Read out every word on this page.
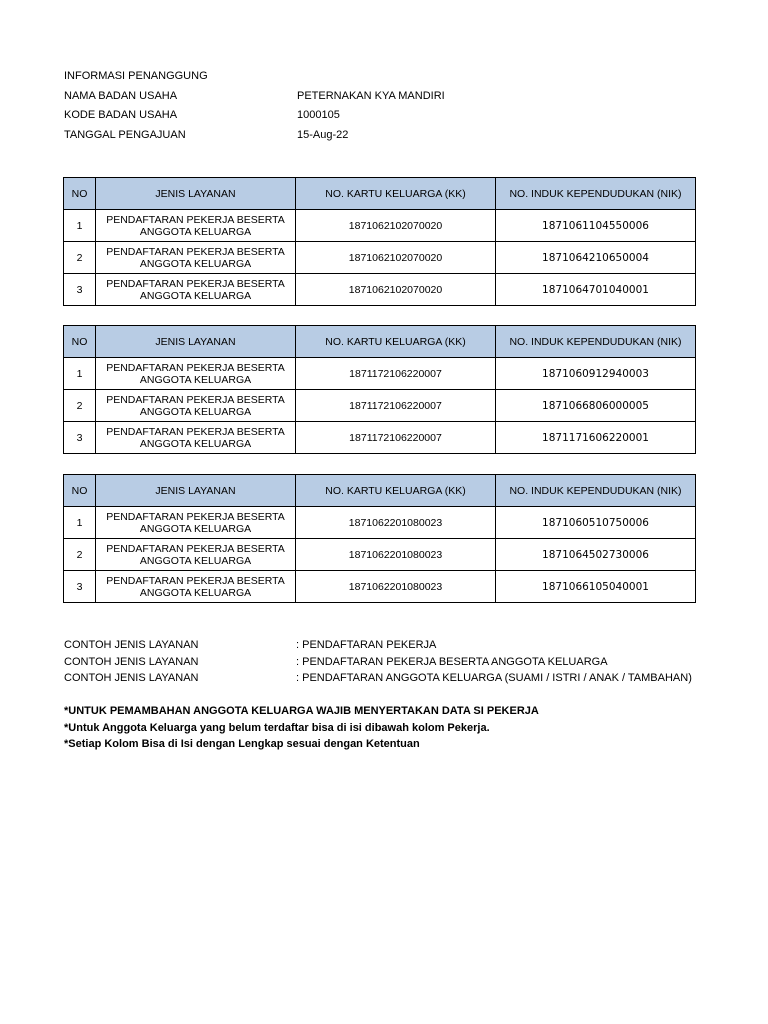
INFORMASI PENANGGUNG
NAMA BADAN USAHA	PETERNAKAN KYA MANDIRI
KODE BADAN USAHA	1000105
TANGGAL PENGAJUAN	15-Aug-22
NO	JENIS LAYANAN	NO. KARTU KELUARGA (KK)	NO. INDUK KEPENDUDUKAN (NIK)
1	PENDAFTARAN PEKERJA BESERTA
ANGGOTA KELUARGA	1871062102070020	1871061104550006
2	PENDAFTARAN PEKERJA BESERTA
ANGGOTA KELUARGA	1871062102070020	1871064210650004
3	PENDAFTARAN PEKERJA BESERTA
ANGGOTA KELUARGA	1871062102070020	1871064701040001
NO	JENIS LAYANAN	NO. KARTU KELUARGA (KK)	NO. INDUK KEPENDUDUKAN (NIK)
1	PENDAFTARAN PEKERJA BESERTA
ANGGOTA KELUARGA	1871172106220007	1871060912940003
2	PENDAFTARAN PEKERJA BESERTA
ANGGOTA KELUARGA	1871172106220007	1871066806000005
3	PENDAFTARAN PEKERJA BESERTA
ANGGOTA KELUARGA	1871172106220007	1871171606220001
NO	JENIS LAYANAN	NO. KARTU KELUARGA (KK)	NO. INDUK KEPENDUDUKAN (NIK)
1	PENDAFTARAN PEKERJA BESERTA
ANGGOTA KELUARGA	1871062201080023	1871060510750006
2	PENDAFTARAN PEKERJA BESERTA
ANGGOTA KELUARGA	1871062201080023	1871064502730006
3	PENDAFTARAN PEKERJA BESERTA
ANGGOTA KELUARGA	1871062201080023	1871066105040001
CONTOH JENIS LAYANAN	: PENDAFTARAN PEKERJA
CONTOH JENIS LAYANAN	: PENDAFTARAN PEKERJA BESERTA ANGGOTA KELUARGA
CONTOH JENIS LAYANAN	: PENDAFTARAN ANGGOTA KELUARGA (SUAMI / ISTRI / ANAK / TAMBAHAN)
*UNTUK PEMAMBAHAN ANGGOTA KELUARGA WAJIB MENYERTAKAN DATA SI PEKERJA
*Untuk Anggota Keluarga yang belum terdaftar bisa di isi dibawah kolom Pekerja.
*Setiap Kolom Bisa di Isi dengan Lengkap sesuai dengan Ketentuan
